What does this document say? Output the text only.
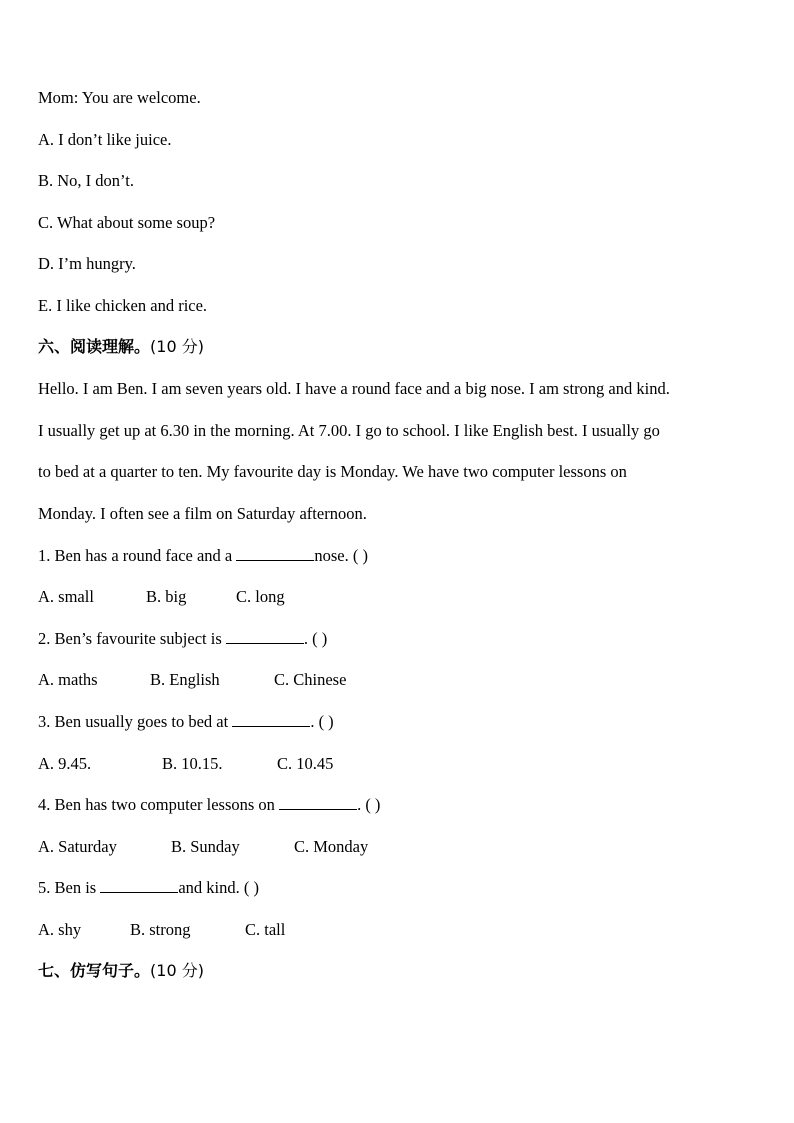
Mom: You are welcome.
A. I don’t like juice.
B. No, I don’t.
C. What about some soup?
D. I’m hungry.
E. I like chicken and rice.
六、阅读理解。(10 分)
Hello. I am Ben. I am seven years old. I have a round face and a big nose. I am strong and kind.
I usually get up at 6.30 in the morning. At 7.00. I go to school. I like English best. I usually go
to bed at a quarter to ten. My favourite day is Monday. We have two computer lessons on
Monday. I often see a film on Saturday afternoon.
1. Ben has a round face and a	nose. ( )
A. small	B. big	C. long
2. Ben’s favourite subject is	. ( )
A. maths	B. English	C. Chinese
3. Ben usually goes to bed at	. ( )
A. 9.45.	B. 10.15.	C. 10.45
4. Ben has two computer lessons on	. ( )
A. Saturday	B. Sunday	C. Monday
5. Ben is	and kind. ( )
A. shy	B. strong	C. tall
七、仿写句子。(10 分)
